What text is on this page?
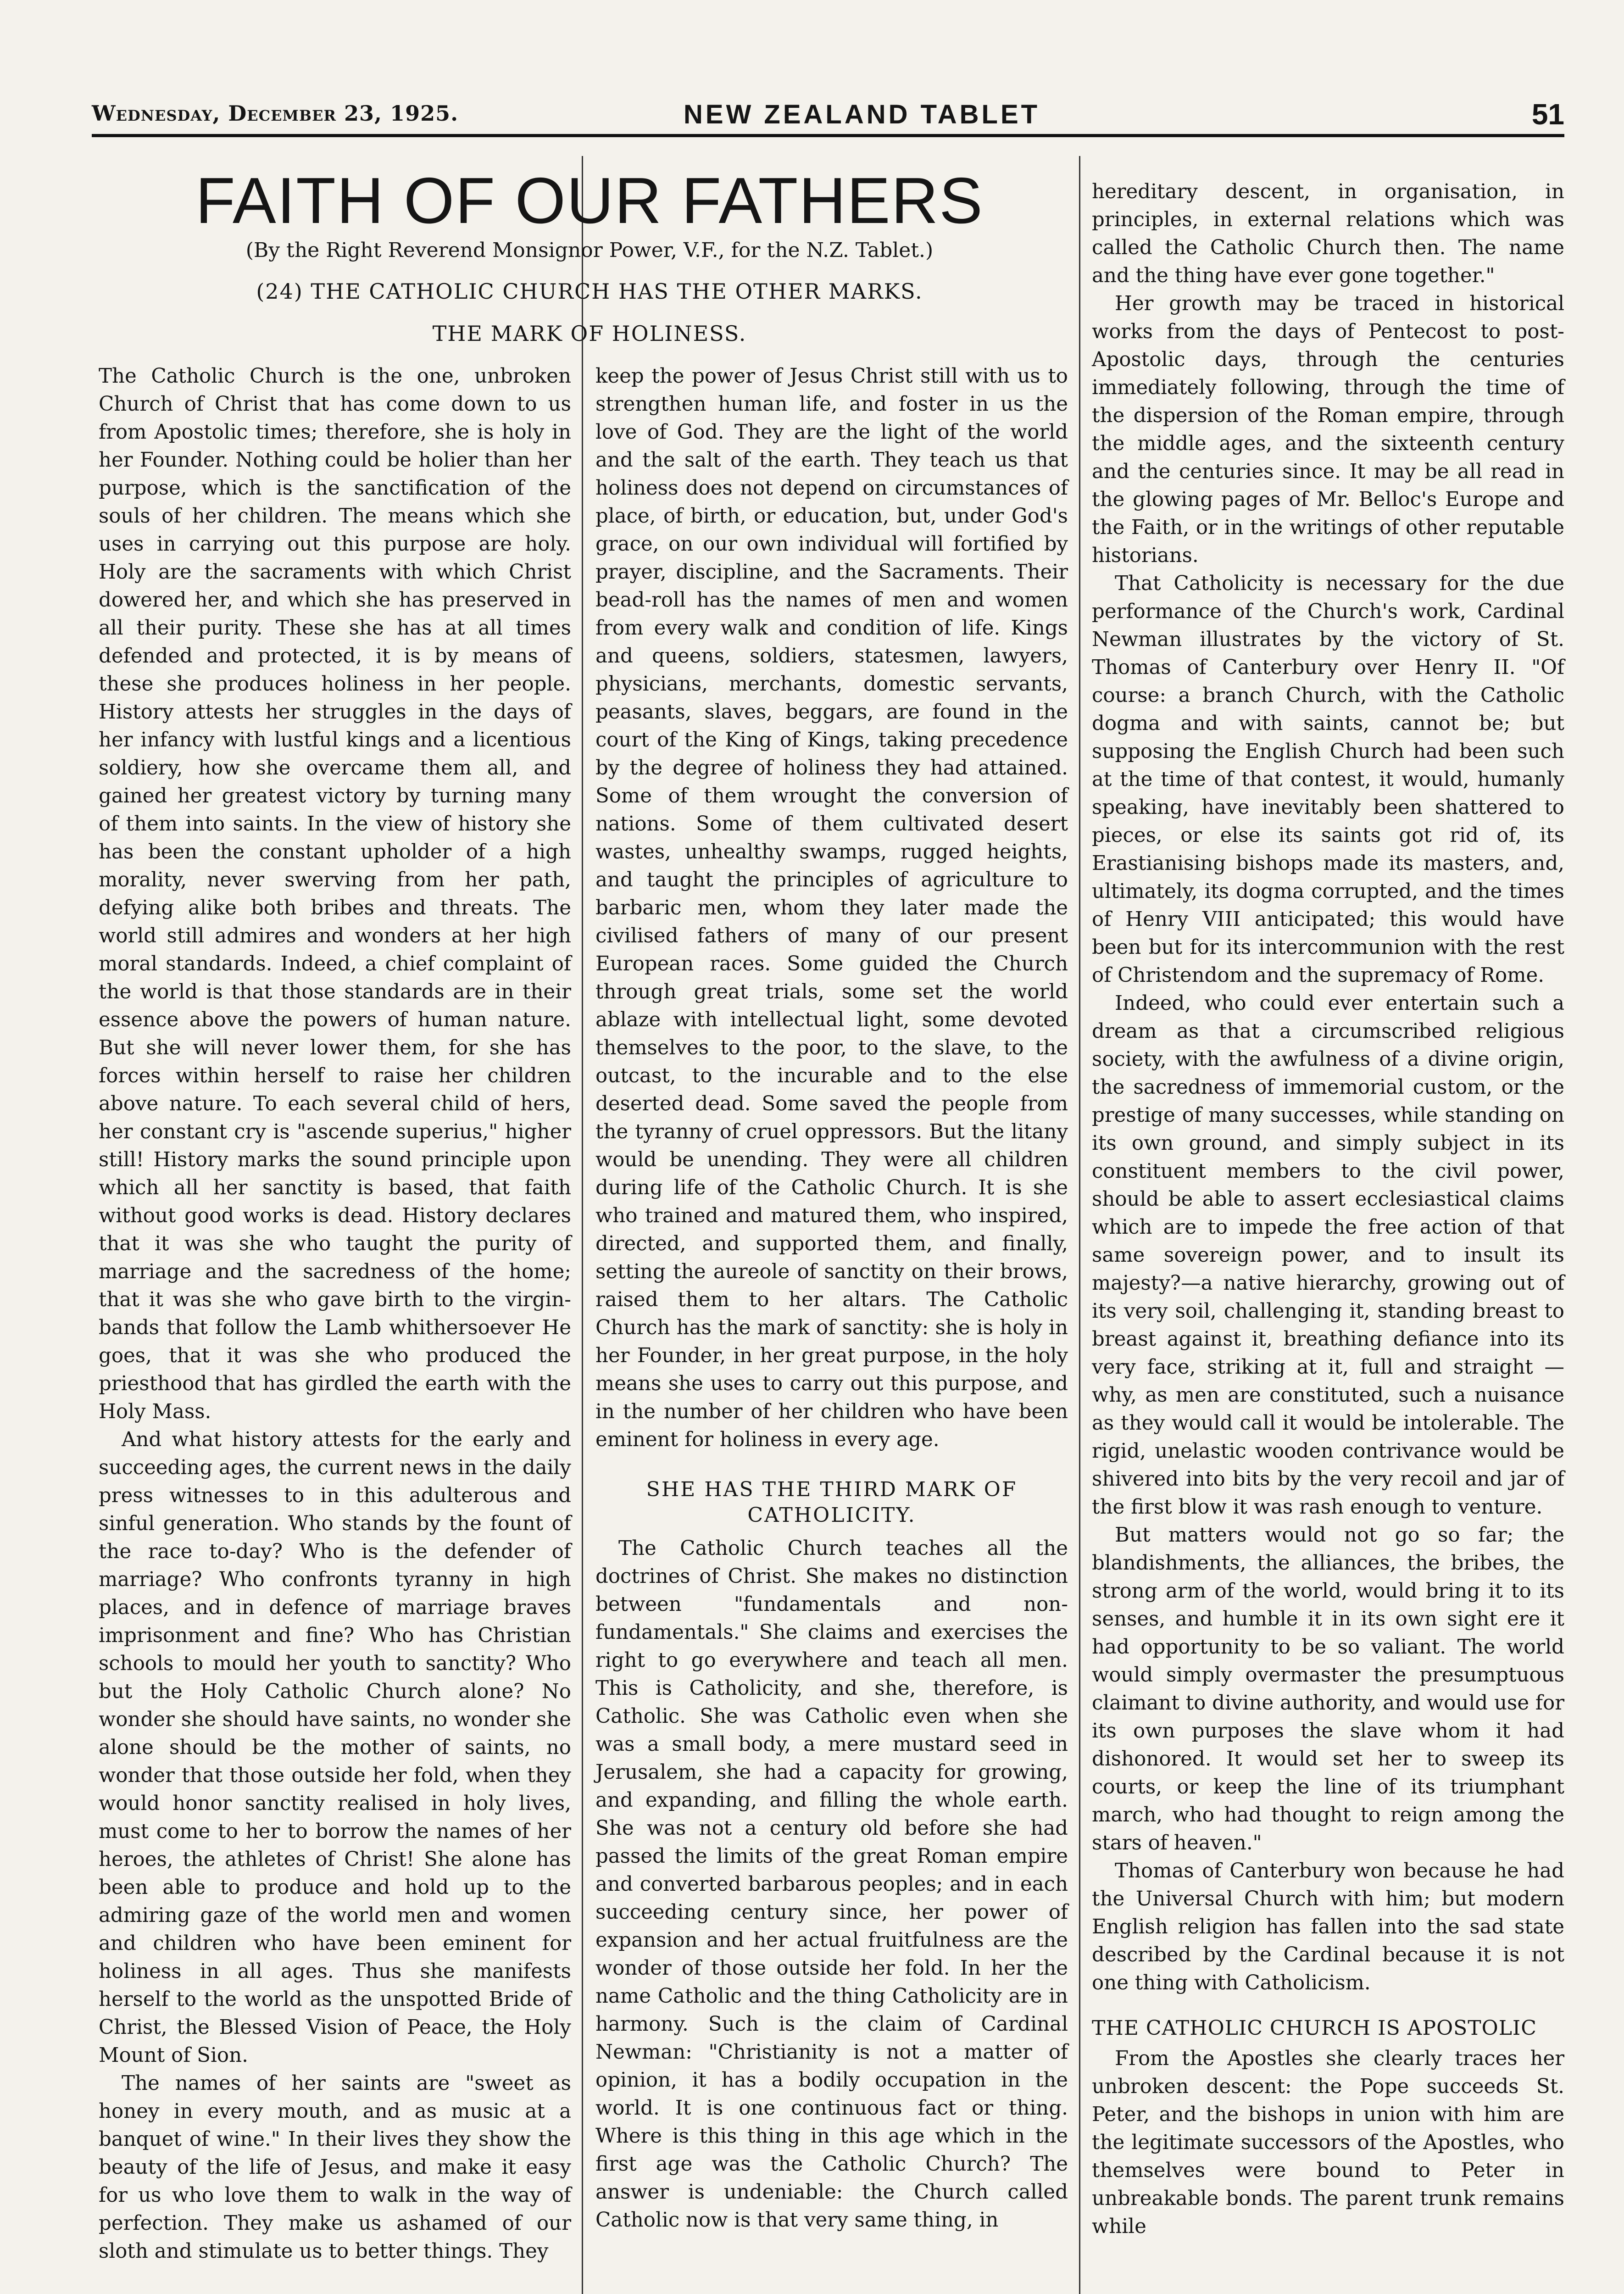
Wednesday, December 23, 1925.	NEW ZEALAND TABLET	51
FAITH OF OUR FATHERS
(By the Right Reverend Monsignor Power, V.F., for the N.Z. Tablet.)
(24) THE CATHOLIC CHURCH HAS THE OTHER MARKS.
THE MARK OF HOLINESS.

The Catholic Church is the one, unbroken Church of Christ that has come down to us from Apostolic times; therefore, she is holy in her Founder. Nothing could be holier than her purpose, which is the sanctification of the souls of her children. The means which she uses in carrying out this purpose are holy. Holy are the sacraments with which Christ dowered her, and which she has preserved in all their purity. These she has at all times defended and protected, it is by means of these she produces holiness in her people. History attests her struggles in the days of her infancy with lustful kings and a licentious soldiery, how she overcame them all, and gained her greatest victory by turning many of them into saints. In the view of history she has been the constant upholder of a high morality, never swerving from her path, defying alike both bribes and threats. The world still admires and wonders at her high moral standards. Indeed, a chief complaint of the world is that those standards are in their essence above the powers of human nature. But she will never lower them, for she has forces within herself to raise her children above nature. To each several child of hers, her constant cry is "ascende superius," higher still! History marks the sound principle upon which all her sanctity is based, that faith without good works is dead. History declares that it was she who taught the purity of marriage and the sacredness of the home; that it was she who gave birth to the virgin-bands that follow the Lamb whithersoever He goes, that it was she who produced the priesthood that has girdled the earth with the Holy Mass.

And what history attests for the early and succeeding ages, the current news in the daily press witnesses to in this adulterous and sinful generation. Who stands by the fount of the race to-day? Who is the defender of marriage? Who confronts tyranny in high places, and in defence of marriage braves imprisonment and fine? Who has Christian schools to mould her youth to sanctity? Who but the Holy Catholic Church alone? No wonder she should have saints, no wonder she alone should be the mother of saints, no wonder that those outside her fold, when they would honor sanctity realised in holy lives, must come to her to borrow the names of her heroes, the athletes of Christ! She alone has been able to produce and hold up to the admiring gaze of the world men and women and children who have been eminent for holiness in all ages. Thus she manifests herself to the world as the unspotted Bride of Christ, the Blessed Vision of Peace, the Holy Mount of Sion.

The names of her saints are "sweet as honey in every mouth, and as music at a banquet of wine." In their lives they show the beauty of the life of Jesus, and make it easy for us who love them to walk in the way of perfection. They make us ashamed of our sloth and stimulate us to better things. They

keep the power of Jesus Christ still with us to strengthen human life, and foster in us the love of God. They are the light of the world and the salt of the earth. They teach us that holiness does not depend on circumstances of place, of birth, or education, but, under God's grace, on our own individual will fortified by prayer, discipline, and the Sacraments. Their bead-roll has the names of men and women from every walk and condition of life. Kings and queens, soldiers, statesmen, lawyers, physicians, merchants, domestic servants, peasants, slaves, beggars, are found in the court of the King of Kings, taking precedence by the degree of holiness they had attained. Some of them wrought the conversion of nations. Some of them cultivated desert wastes, unhealthy swamps, rugged heights, and taught the principles of agriculture to barbaric men, whom they later made the civilised fathers of many of our present European races. Some guided the Church through great trials, some set the world ablaze with intellectual light, some devoted themselves to the poor, to the slave, to the outcast, to the incurable and to the else deserted dead. Some saved the people from the tyranny of cruel oppressors. But the litany would be unending. They were all children during life of the Catholic Church. It is she who trained and matured them, who inspired, directed, and supported them, and finally, setting the aureole of sanctity on their brows, raised them to her altars. The Catholic Church has the mark of sanctity: she is holy in her Founder, in her great purpose, in the holy means she uses to carry out this purpose, and in the number of her children who have been eminent for holiness in every age.

SHE HAS THE THIRD MARK OF CATHOLICITY.

The Catholic Church teaches all the doctrines of Christ. She makes no distinction between "fundamentals and non-fundamentals." She claims and exercises the right to go everywhere and teach all men. This is Catholicity, and she, therefore, is Catholic. She was Catholic even when she was a small body, a mere mustard seed in Jerusalem, she had a capacity for growing, and expanding, and filling the whole earth. She was not a century old before she had passed the limits of the great Roman empire and converted barbarous peoples; and in each succeeding century since, her power of expansion and her actual fruitfulness are the wonder of those outside her fold. In her the name Catholic and the thing Catholicity are in harmony. Such is the claim of Cardinal Newman: "Christianity is not a matter of opinion, it has a bodily occupation in the world. It is one continuous fact or thing. Where is this thing in this age which in the first age was the Catholic Church? The answer is undeniable: the Church called Catholic now is that very same thing, in

hereditary descent, in organisation, in principles, in external relations which was called the Catholic Church then. The name and the thing have ever gone together."

Her growth may be traced in historical works from the days of Pentecost to post-Apostolic days, through the centuries immediately following, through the time of the dispersion of the Roman empire, through the middle ages, and the sixteenth century and the centuries since. It may be all read in the glowing pages of Mr. Belloc's Europe and the Faith, or in the writings of other reputable historians.

That Catholicity is necessary for the due performance of the Church's work, Cardinal Newman illustrates by the victory of St. Thomas of Canterbury over Henry II. "Of course: a branch Church, with the Catholic dogma and with saints, cannot be; but supposing the English Church had been such at the time of that contest, it would, humanly speaking, have inevitably been shattered to pieces, or else its saints got rid of, its Erastianising bishops made its masters, and, ultimately, its dogma corrupted, and the times of Henry VIII anticipated; this would have been but for its intercommunion with the rest of Christendom and the supremacy of Rome.

Indeed, who could ever entertain such a dream as that a circumscribed religious society, with the awfulness of a divine origin, the sacredness of immemorial custom, or the prestige of many successes, while standing on its own ground, and simply subject in its constituent members to the civil power, should be able to assert ecclesiastical claims which are to impede the free action of that same sovereign power, and to insult its majesty?—a native hierarchy, growing out of its very soil, challenging it, standing breast to breast against it, breathing defiance into its very face, striking at it, full and straight —why, as men are constituted, such a nuisance as they would call it would be intolerable. The rigid, unelastic wooden contrivance would be shivered into bits by the very recoil and jar of the first blow it was rash enough to venture.

But matters would not go so far; the blandishments, the alliances, the bribes, the strong arm of the world, would bring it to its senses, and humble it in its own sight ere it had opportunity to be so valiant. The world would simply overmaster the presumptuous claimant to divine authority, and would use for its own purposes the slave whom it had dishonored. It would set her to sweep its courts, or keep the line of its triumphant march, who had thought to reign among the stars of heaven."

Thomas of Canterbury won because he had the Universal Church with him; but modern English religion has fallen into the sad state described by the Cardinal because it is not one thing with Catholicism.

THE CATHOLIC CHURCH IS APOSTOLIC

From the Apostles she clearly traces her unbroken descent: the Pope succeeds St. Peter, and the bishops in union with him are the legitimate successors of the Apostles, who themselves were bound to Peter in unbreakable bonds. The parent trunk remains while
